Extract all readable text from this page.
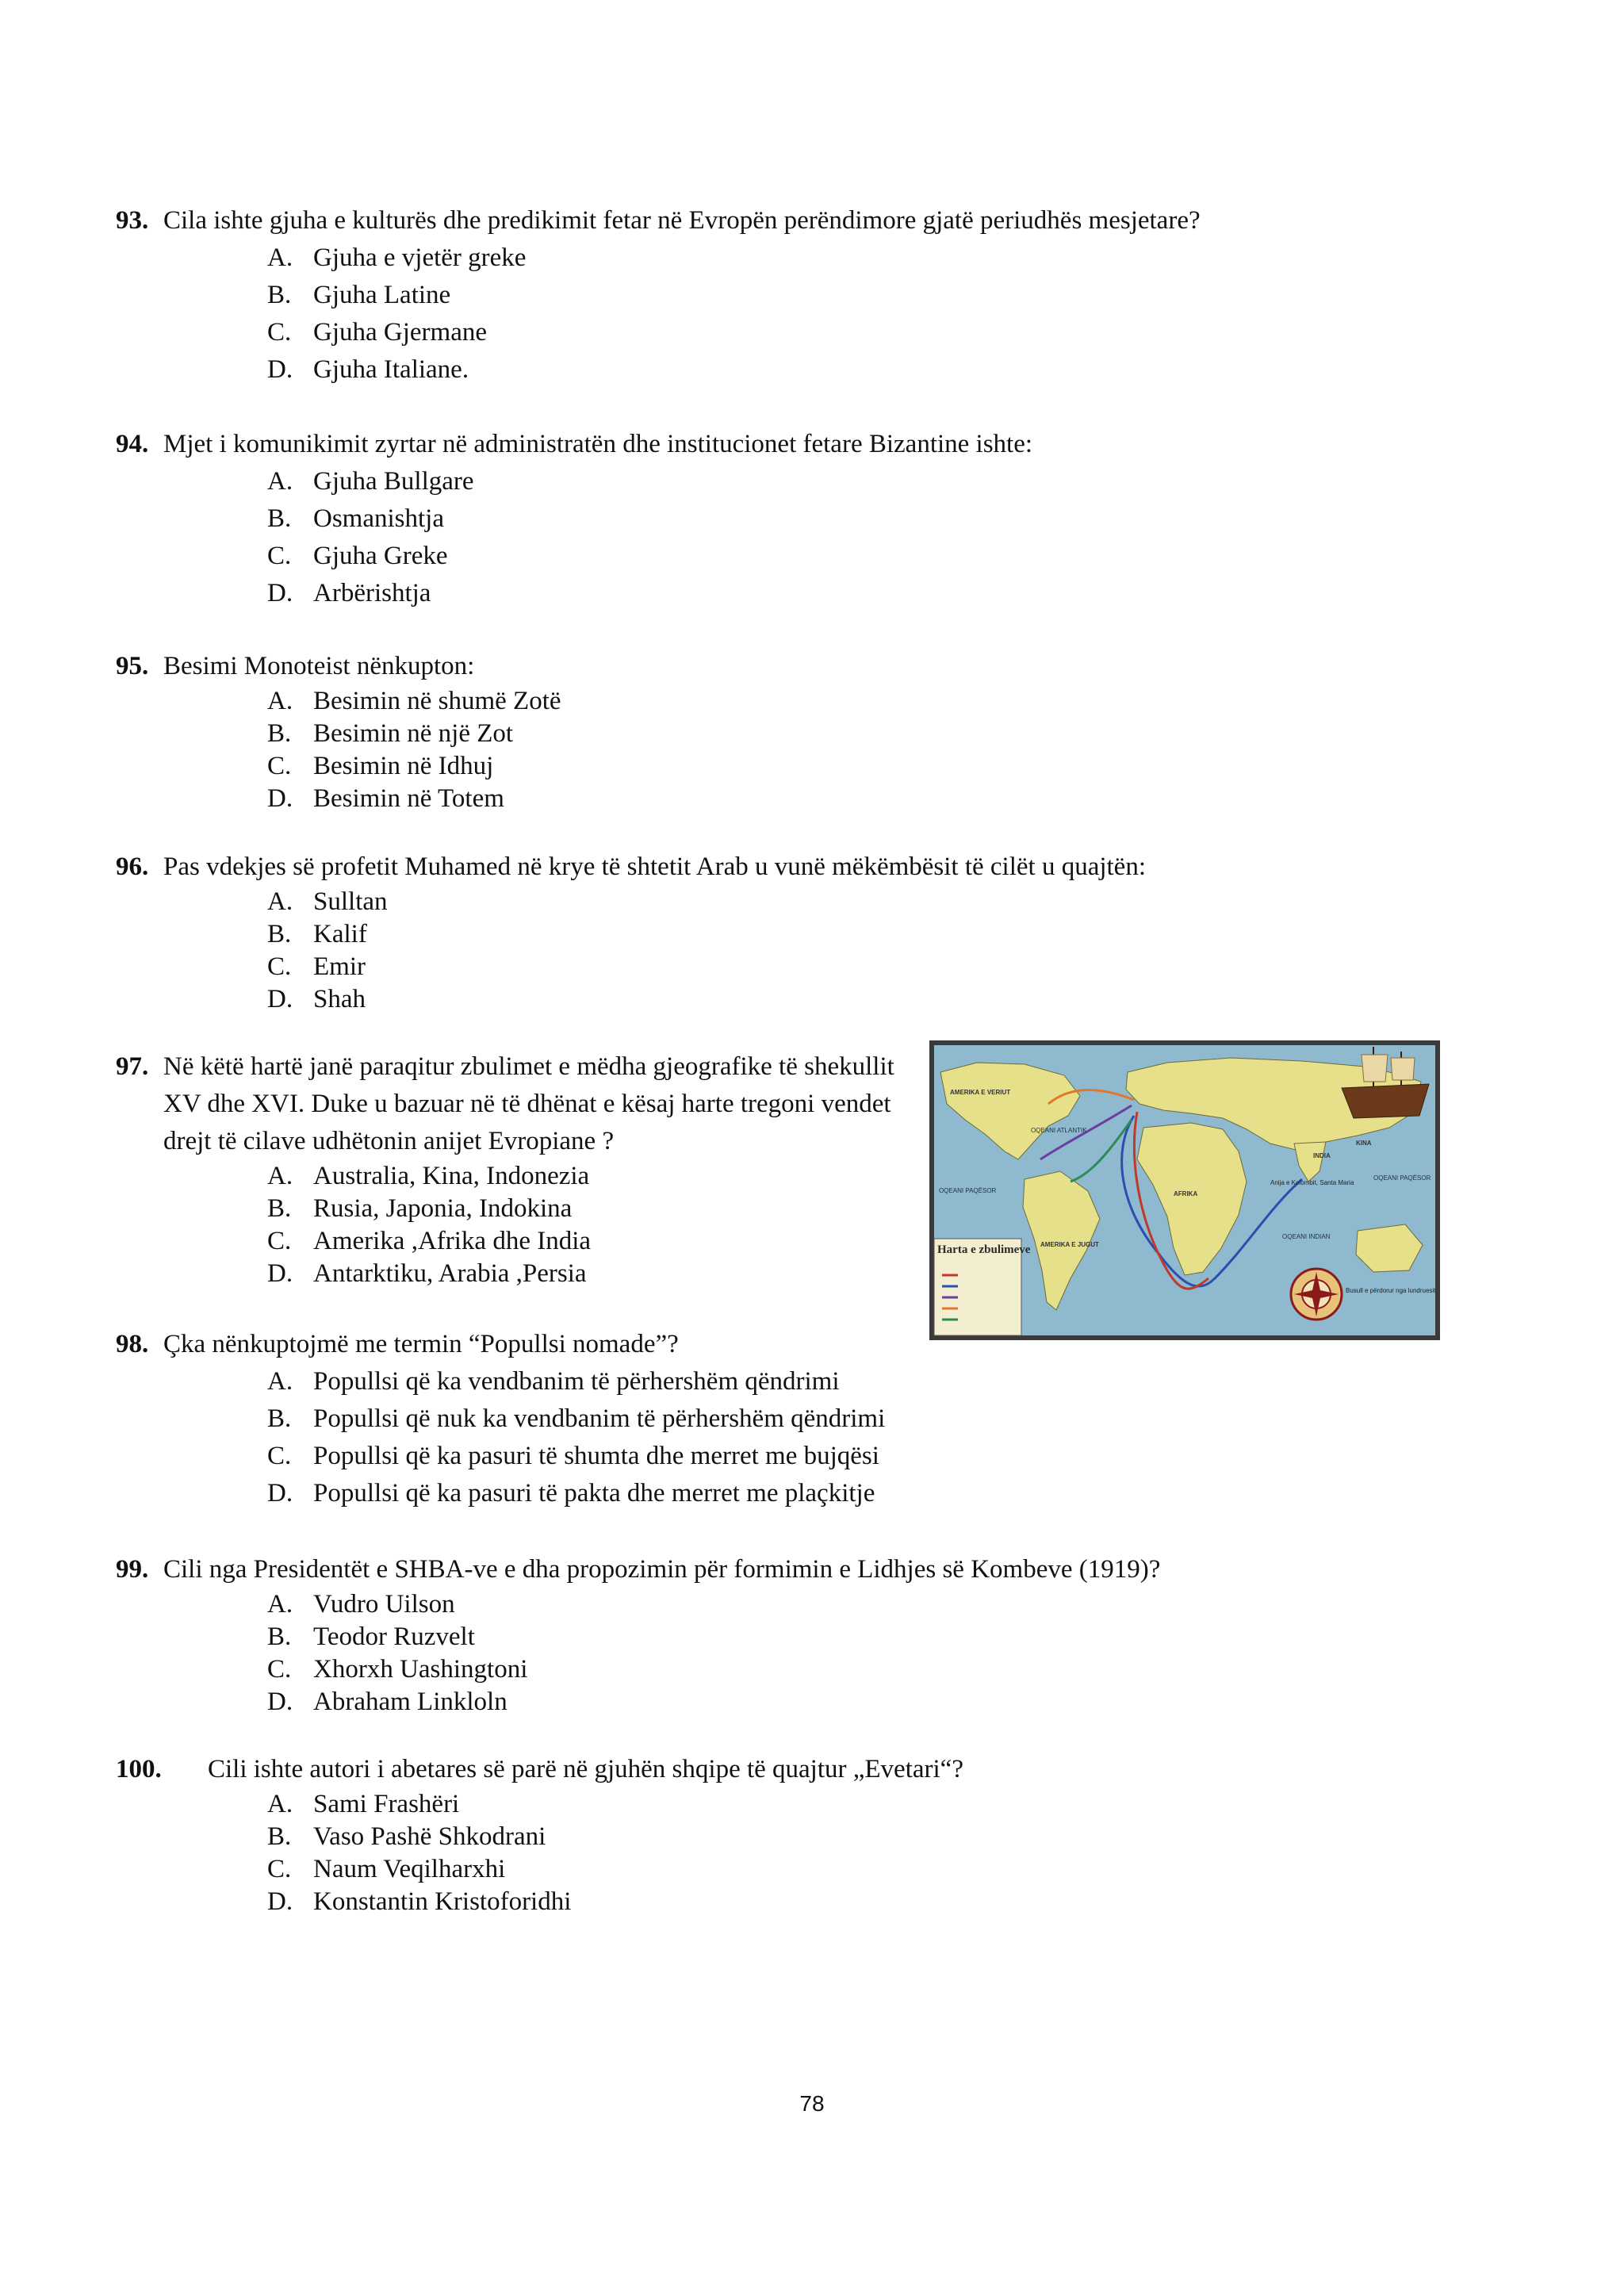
93. Cila ishte gjuha e kulturës dhe predikimit fetar në Evropën perëndimore gjatë periudhës mesjetare?
A. Gjuha e vjetër greke
B. Gjuha Latine
C. Gjuha Gjermane
D. Gjuha Italiane.
94. Mjet i komunikimit zyrtar në administratën dhe institucionet fetare Bizantine ishte:
A. Gjuha Bullgare
B. Osmanishtja
C. Gjuha Greke
D. Arbërishtja
95. Besimi Monoteist nënkupton:
A. Besimin në shumë Zotë
B. Besimin në një Zot
C. Besimin në Idhuj
D. Besimin në Totem
96. Pas vdekjes së profetit Muhamed në krye të shtetit Arab u vunë mëkëmbësit të cilët u quajtën:
A. Sulltan
B. Kalif
C. Emir
D. Shah
97. Në këtë hartë janë paraqitur zbulimet e mëdha gjeografike të shekullit XV dhe XVI. Duke u bazuar në të dhënat e kësaj harte tregoni vendet drejt të cilave udhëtonin anijet Evropiane ?
A. Australia, Kina, Indonezia
B. Rusia, Japonia, Indokina
C. Amerika ,Afrika dhe India
D. Antarktiku, Arabia ,Persia
98. Çka nënkuptojmë me termin “Popullsi nomade”?
A. Popullsi që ka vendbanim të përhershëm qëndrimi
B. Popullsi që nuk ka vendbanim të përhershëm qëndrimi
C. Popullsi që ka pasuri të shumta dhe merret me bujqësi
D. Popullsi që ka pasuri të pakta dhe merret me plaçkitje
99. Cili nga Presidentët e SHBA-ve e dha propozimin për formimin e Lidhjes së Kombeve (1919)?
A. Vudro Uilson
B. Teodor Ruzvelt
C. Xhorxh Uashingtoni
D. Abraham Linkloln
100.	Cili ishte autori i abetares së parë në gjuhën shqipe të quajtur „Evetari“?
A. Sami Frashëri
B. Vaso Pashë Shkodrani
C. Naum Veqilharxhi
D. Konstantin Kristoforidhi
Harta e zbulimeve
AMERIKA E VERIUT
OQEANI ATLANTIK
AFRIKA
AMERIKA E JUGUT
OQEANI INDIAN
OQEANI PAQËSOR
OQEANI PAQËSOR
INDIA
KINA
Anija e Kolombit, Santa Maria
Busull e përdorur nga lundruesit
78
